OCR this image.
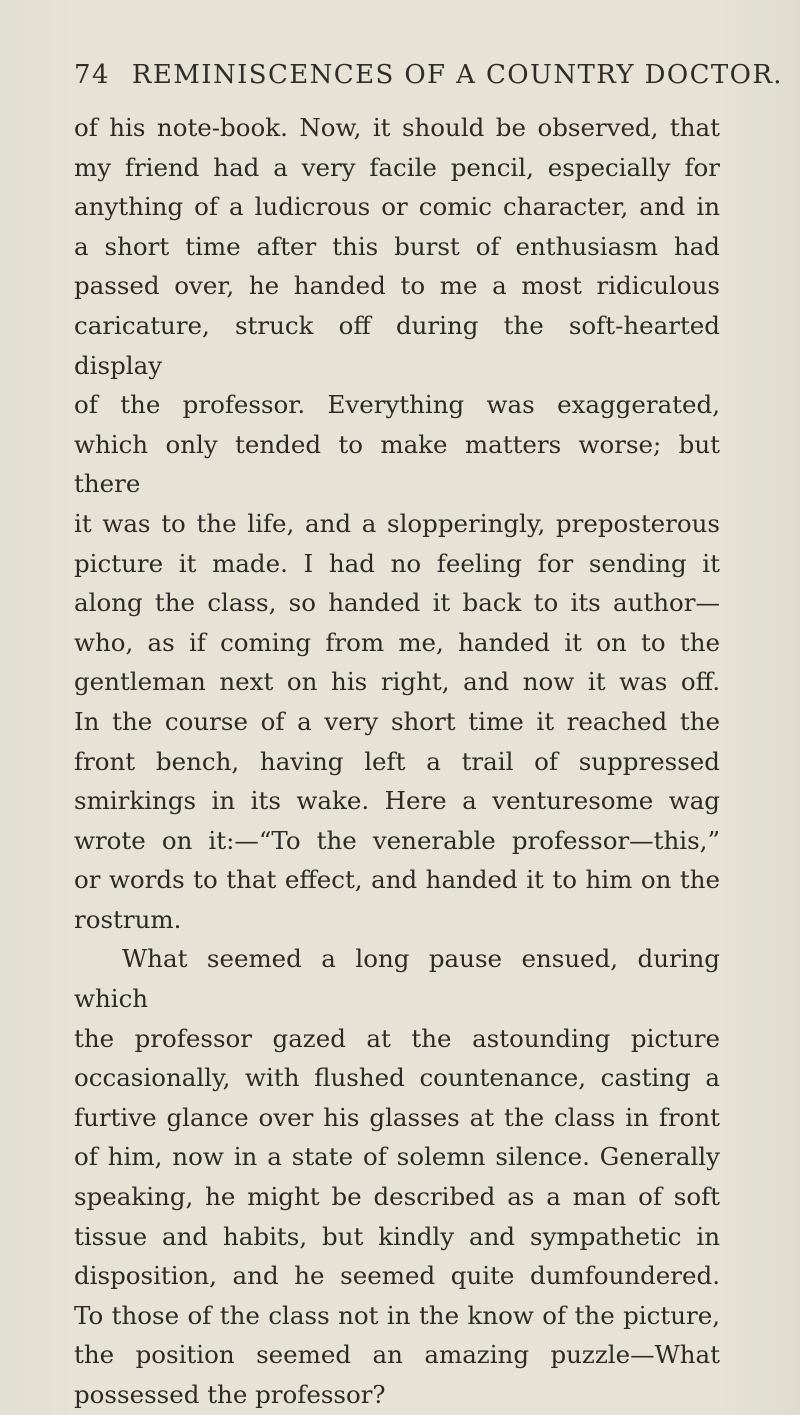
74 REMINISCENCES OF A COUNTRY DOCTOR.

of his note-book. Now, it should be observed, that

my friend had a very facile pencil, especially for

anything of a ludicrous or comic character, and in

a short time after this burst of enthusiasm had

passed over, he handed to me a most ridiculous

caricature, struck off during the soft-hearted display

of the professor. Everything was exaggerated,

which only tended to make matters worse; but there

it was to the life, and a slopperingly, preposterous

picture it made. I had no feeling for sending it

along the class, so handed it back to its author—

who, as if coming from me, handed it on to the

gentleman next on his right, and now it was off.

In the course of a very short time it reached the

front bench, having left a trail of suppressed

smirkings in its wake. Here a venturesome wag

wrote on it:—“To the venerable professor—this,”

or words to that effect, and handed it to him on the

rostrum.

What seemed a long pause ensued, during which

the professor gazed at the astounding picture

occasionally, with flushed countenance, casting a

furtive glance over his glasses at the class in front

of him, now in a state of solemn silence. Generally

speaking, he might be described as a man of soft

tissue and habits, but kindly and sympathetic in

disposition, and he seemed quite dumfoundered.

To those of the class not in the know of the picture,

the position seemed an amazing puzzle—What

possessed the professor?
